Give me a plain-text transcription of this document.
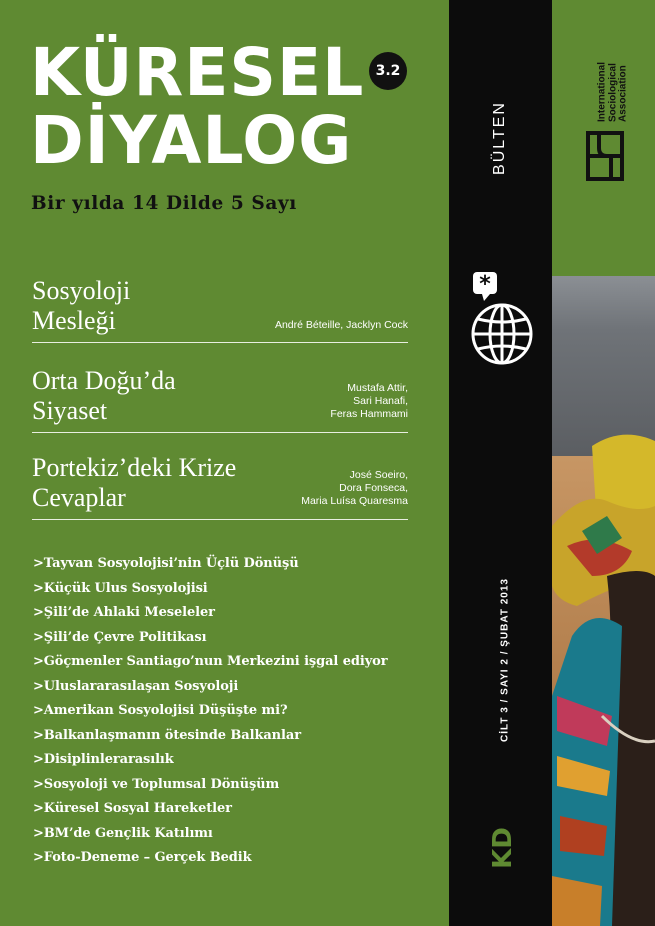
KÜRESEL
DİYALOG
3.2
Bir yılda 14 Dilde 5 Sayı
Sosyoloji
Mesleği	André Béteille, Jacklyn Cock
Orta Doğu’da
Siyaset
Mustafa Attir,
Sari Hanafi,
Feras Hammami
Portekiz’deki Krize
Cevaplar
José Soeiro,
Dora Fonseca,
Maria Luísa Quaresma
>Tayvan Sosyolojisi’nin Üçlü Dönüşü
>Küçük Ulus Sosyolojisi
>Şili’de Ahlaki Meseleler
>Şili’de Çevre Politikası
>Göçmenler Santiago’nun Merkezini işgal ediyor
>Uluslararasılaşan Sosyoloji
>Amerikan Sosyolojisi Düşüşte mi?
>Balkanlaşmanın ötesinde Balkanlar
>Disiplinlerarasılık
>Sosyoloji ve Toplumsal Dönüşüm
>Küresel Sosyal Hareketler
>BM’de Gençlik Katılımı
>Foto-Deneme – Gerçek Bedik
BÜLTEN
*
CİLT 3 / SAYI 2 / ŞUBAT 2013
KD
International Sociological Association
